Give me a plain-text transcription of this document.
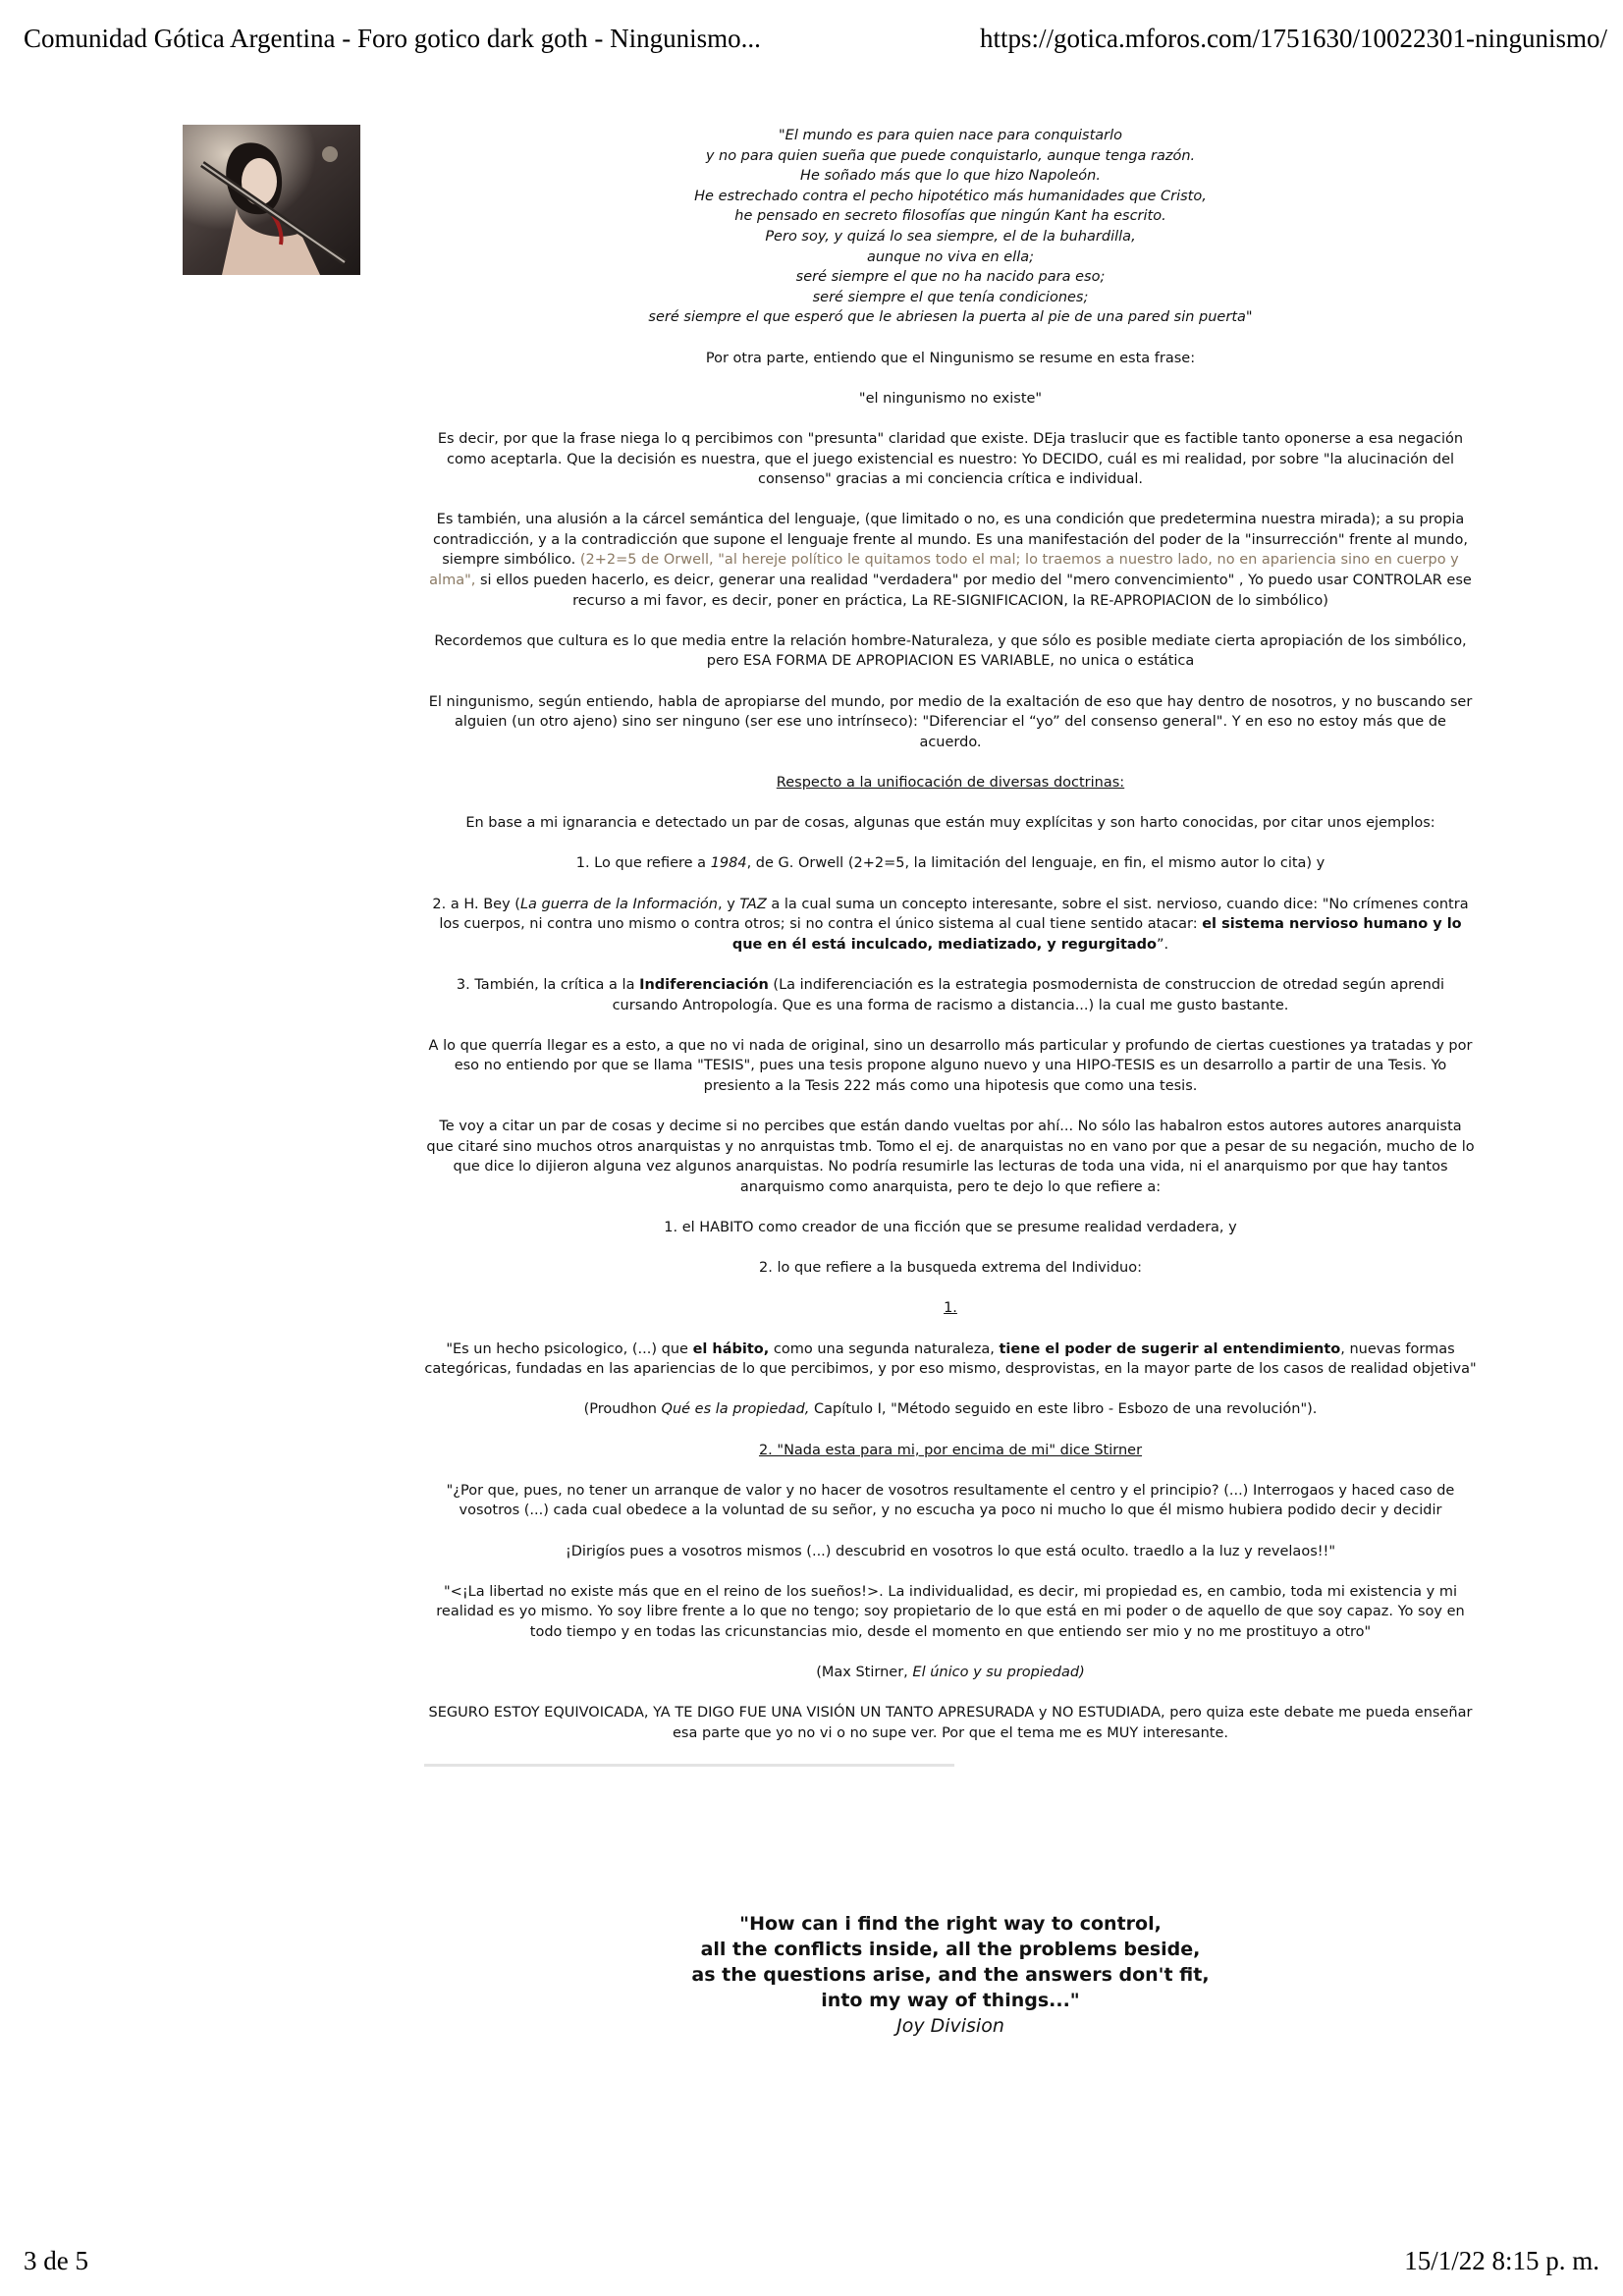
Comunidad Gótica Argentina - Foro gotico dark goth - Ningunismo...	https://gotica.mforos.com/1751630/10022301-ningunismo/

"El mundo es para quien nace para conquistarlo
y no para quien sueña que puede conquistarlo, aunque tenga razón.
He soñado más que lo que hizo Napoleón.
He estrechado contra el pecho hipotético más humanidades que Cristo,
he pensado en secreto filosofías que ningún Kant ha escrito.
Pero soy, y quizá lo sea siempre, el de la buhardilla,
aunque no viva en ella;
seré siempre el que no ha nacido para eso;
seré siempre el que tenía condiciones;
seré siempre el que esperó que le abriesen la puerta al pie de una pared sin puerta"

Por otra parte, entiendo que el Ningunismo se resume en esta frase:

"el ningunismo no existe"

Es decir, por que la frase niega lo q percibimos con "presunta" claridad que existe. DEja traslucir que es factible tanto oponerse a esa negación como aceptarla. Que la decisión es nuestra, que el juego existencial es nuestro: Yo DECIDO, cuál es mi realidad, por sobre "la alucinación del consenso" gracias a mi conciencia crítica e individual.

Es también, una alusión a la cárcel semántica del lenguaje, (que limitado o no, es una condición que predetermina nuestra mirada); a su propia contradicción, y a la contradicción que supone el lenguaje frente al mundo. Es una manifestación del poder de la "insurrección" frente al mundo, siempre simbólico. (2+2=5 de Orwell, "al hereje político le quitamos todo el mal; lo traemos a nuestro lado, no en apariencia sino en cuerpo y alma", si ellos pueden hacerlo, es deicr, generar una realidad "verdadera" por medio del "mero convencimiento" , Yo puedo usar CONTROLAR ese recurso a mi favor, es decir, poner en práctica, La RE-SIGNIFICACION, la RE-APROPIACION de lo simbólico)

Recordemos que cultura es lo que media entre la relación hombre-Naturaleza, y que sólo es posible mediate cierta apropiación de los simbólico, pero ESA FORMA DE APROPIACION ES VARIABLE, no unica o estática

El ningunismo, según entiendo, habla de apropiarse del mundo, por medio de la exaltación de eso que hay dentro de nosotros, y no buscando ser alguien (un otro ajeno) sino ser ninguno (ser ese uno intrínseco): "Diferenciar el “yo” del consenso general". Y en eso no estoy más que de acuerdo.

Respecto a la unifiocación de diversas doctrinas:

En base a mi ignarancia e detectado un par de cosas, algunas que están muy explícitas y son harto conocidas, por citar unos ejemplos:

1. Lo que refiere a 1984, de G. Orwell (2+2=5, la limitación del lenguaje, en fin, el mismo autor lo cita) y

2. a H. Bey (La guerra de la Información, y TAZ a la cual suma un concepto interesante, sobre el sist. nervioso, cuando dice: "No crímenes contra los cuerpos, ni contra uno mismo o contra otros; si no contra el único sistema al cual tiene sentido atacar: el sistema nervioso humano y lo que en él está inculcado, mediatizado, y regurgitado”.

3. También, la crítica a la Indiferenciación (La indiferenciación es la estrategia posmodernista de construccion de otredad según aprendi cursando Antropología. Que es una forma de racismo a distancia...) la cual me gusto bastante.

A lo que querría llegar es a esto, a que no vi nada de original, sino un desarrollo más particular y profundo de ciertas cuestiones ya tratadas y por eso no entiendo por que se llama "TESIS", pues una tesis propone alguno nuevo y una HIPO-TESIS es un desarrollo a partir de una Tesis. Yo presiento a la Tesis 222 más como una hipotesis que como una tesis.

Te voy a citar un par de cosas y decime si no percibes que están dando vueltas por ahí... No sólo las habalron estos autores autores anarquista que citaré sino muchos otros anarquistas y no anrquistas tmb. Tomo el ej. de anarquistas no en vano por que a pesar de su negación, mucho de lo que dice lo dijieron alguna vez algunos anarquistas. No podría resumirle las lecturas de toda una vida, ni el anarquismo por que hay tantos anarquismo como anarquista, pero te dejo lo que refiere a:

1. el HABITO como creador de una ficción que se presume realidad verdadera, y

2. lo que refiere a la busqueda extrema del Individuo:

1.

"Es un hecho psicologico, (...) que el hábito, como una segunda naturaleza, tiene el poder de sugerir al entendimiento, nuevas formas categóricas, fundadas en las apariencias de lo que percibimos, y por eso mismo, desprovistas, en la mayor parte de los casos de realidad objetiva"

(Proudhon Qué es la propiedad, Capítulo I, "Método seguido en este libro - Esbozo de una revolución").

2. "Nada esta para mi, por encima de mi" dice Stirner

"¿Por que, pues, no tener un arranque de valor y no hacer de vosotros resultamente el centro y el principio? (...) Interrogaos y haced caso de vosotros (...) cada cual obedece a la voluntad de su señor, y no escucha ya poco ni mucho lo que él mismo hubiera podido decir y decidir

¡Dirigíos pues a vosotros mismos (...) descubrid en vosotros lo que está oculto. traedlo a la luz y revelaos!!"

"<¡La libertad no existe más que en el reino de los sueños!>. La individualidad, es decir, mi propiedad es, en cambio, toda mi existencia y mi realidad es yo mismo. Yo soy libre frente a lo que no tengo; soy propietario de lo que está en mi poder o de aquello de que soy capaz. Yo soy en todo tiempo y en todas las cricunstancias mio, desde el momento en que entiendo ser mio y no me prostituyo a otro"

(Max Stirner, El único y su propiedad)

SEGURO ESTOY EQUIVOICADA, YA TE DIGO FUE UNA VISIÓN UN TANTO APRESURADA y NO ESTUDIADA, pero quiza este debate me pueda enseñar esa parte que yo no vi o no supe ver. Por que el tema me es MUY interesante.

"How can i find the right way to control,
all the conflicts inside, all the problems beside,
as the questions arise, and the answers don't fit,
into my way of things..."
Joy Division
3 de 5	15/1/22 8:15 p. m.
